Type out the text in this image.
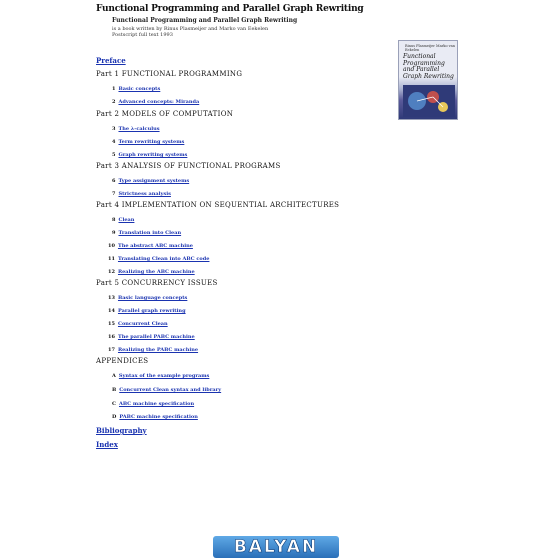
Functional Programming and Parallel Graph Rewriting
Functional Programming and Parallel Graph Rewriting
is a book written by Rinus Plasmeijer and Marko van Eekelen
Postscript full text 1993
Rinus Plasmeijer Marko van Eekelen
Functional Programming and Parallel Graph Rewriting
Preface
Part 1 FUNCTIONAL PROGRAMMING
1 Basic concepts
2 Advanced concepts: Miranda
Part 2 MODELS OF COMPUTATION
3 The λ-calculus
4 Term rewriting systems
5 Graph rewriting systems
Part 3 ANALYSIS OF FUNCTIONAL PROGRAMS
6 Type assignment systems
7 Strictness analysis
Part 4 IMPLEMENTATION ON SEQUENTIAL ARCHITECTURES
8 Clean
9 Translation into Clean
10 The abstract ABC machine
11 Translating Clean into ABC code
12 Realizing the ABC machine
Part 5 CONCURRENCY ISSUES
13 Basic language concepts
14 Parallel graph rewriting
15 Concurrent Clean
16 The parallel PABC machine
17 Realizing the PABC machine
APPENDICES
A Syntax of the example programs
B Concurrent Clean syntax and library
C ABC machine specification
D PABC machine specification
Bibliography
Index
BALYAN
